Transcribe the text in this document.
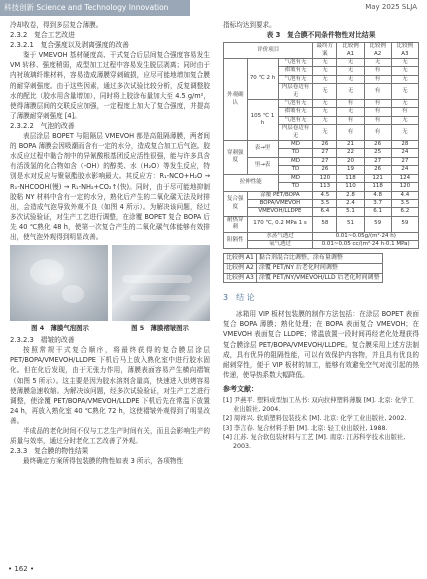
科技创新 Science and Technology Innovation	May 2025 SLJA

冷却收卷，得到多层复合薄膜。

2.3.2　复合工艺改进

2.3.2.1　复合强度以及剥离强度的改善

鉴于 VMEVOH 基材硬度高、干式复合后层间复合强度容易发生 VM 转移、强度稍弱，成型加工过程中容易发生脱层剥离；同时由于内衬玻璃纤维材料，容易造成薄膜穿刺破损，应尽可能地增加复合膜的耐穿刺强度。由于这些因素，通过多次试验比较分析，反复调整胶水的配比（胶水用含量增加），同时将上胶涂布量加大至 4.5 g/m²，使得薄膜层间的交联反应加强，一定程度上加大了复合强度，并提高了薄膜耐穿刺强度 [4]。

2.3.2.2　气泡的改善

表层涂层 BOPET 与阻隔层 VMEVOH 都是高阻隔薄膜，两者间的 BOPA 薄膜会因吸潮而含有一定的水分，造成复合加工后气泡。胶水反应过程中黏合剂中的异氰酸根基团反应活性很强，能与许多具含有活泼氢的化合物如含（-OH）的醇类、水（H₂O）等发生反应，特别是水对反应与聚氨酯胶水影响最大。其反应方：R₁-NCO+H₂O → R₁-NHCOOH(慢) → R₁-NH₂+CO₂↑(快)。同时，由于尽可能地抑制胶粘 NY 材料中含有一定的水分，熟化后产生的二氧化碳无法及时排出，会造成气泡导致外观不良（如图 4 所示）。为解决该问题，经过多次试验验证，对生产工艺进行调整，在涂覆 BOPET 复合 BOPA 后先 40 ℃熟化 48 h，使第一次复合产生的二氧化碳气体能够有效排出，使气泡外观得到明显改善。

图 4　薄膜气泡图示	图 5　薄膜褶皱图示

2.3.2.3　褶皱的改善

按照常规干式复合顺序，将最终获得的复合膜层涂层 PET/BOPA/VMEVOH/LLDPE 下机后马上放入熟化室中进行胶水固化。但在化后发现，由于无张力作用，薄膜表面容易产生横向褶皱（如图 5 所示）。这主要是因为胶水溶剂含量高，快速进入烘烤容易使薄膜急速收缩。为解决该问题，经多次试验验证，对生产工艺进行调整，使涂覆 PET/BOPA/VMEVOH/LLDPE 下机后先在常温下放置 24 h，再放入熟化室 40 ℃熟化 72 h，这使褶皱外观得到了明显改善。

半成品的老化时间不仅与工艺生产时间有关，而且会影响生产的质量与效率，通过分时老化工艺改善了外观。

2.3.3　复合膜的物性结果

最终确定方案所得包装膜的物性如表 3 所示，各项物性

指标均达到要求。

表 3　复合膜不同条件物性对比结果

评价项目			最终方案	比较例 A1	比较例 A2	比较例 A3
外观确认	70 ℃ 2 h	气泡有无	无	无	无	无
		褶皱有无	无	无	有	无
		气泡有无	无	无	有	无
		内层卷边有无	无	无	有	无
	105 ℃ 1 h	气泡有无	无	有	有	无
		褶皱有无	无	无	有	有
		气泡有无	无	有	有	无
		内层卷边有无	无	有	有	无
穿刺强度	表→里	MD	26	21	26	28
		TD	27	22	25	24
	里→表	MD	27	20	27	27
		TD	26	19	26	24
拉伸性能		MD	120	118	121	124
		TD	113	110	118	120
复合强度	涂覆 PET/BOPA		4.5	2.8	4.8	4.4
	BOPA/VMEVOH		3.5	2.4	3.7	3.5
	VMEVOH/LLDPE		6.4	5.1	6.1	6.2
耐热穿刺	170 ℃, 0.2 MPa 1 s		58	51	59	59
阻隔性	水蒸气透过		0.01~0.05g/(m²·24 h)			
	氧气透过		0.01~0.05 cc/(m²·24 h·0.1 MPa)			
比较例 A1	黏合剂混合比调整、涂布量调整
比较例 A2	涂覆 PET/NY 后老化时间调整
比较例 A3	涂覆 PET/NY/VMEVOH/LLD 后老化时间调整

3　结 论

冰箱用 VIP 板材包装膜的制作方法包括：在涂层 BOPET 表面复合 BOPA 薄膜；熟化处理；在 BOPA 表面复合 VMEVOH；在 VMEVOH 表面复合 LLDPE；常温放置一段时间再经老化处理获得复合膜涂层 PET/BOPA/VMEVOH/LLDPE。复合膜采用上述方法制成，具有优异的阻隔性能，可以有效保护内容物，并且具有优良的耐刺穿性，便于 VIP 板材的加工，能够有效避免空气对流引起的热传递，使导热系数大幅降低。

参考文献：

[1] 尹燕平. 塑料成型加工丛书: 双向拉伸塑料薄膜 [M]. 北京: 化学工业出版社, 2004.

[2] 周祥兴. 软质塑料包装技术 [M]. 北京: 化学工业出版社, 2002.

[3] 李言春. 复合材料手册 [M]. 北京: 轻工业出版社, 1988.

[4] 江苏. 复合软包装材料与工艺 [M]. 南京: 江苏科学技术出版社, 2003.

• 162 •
